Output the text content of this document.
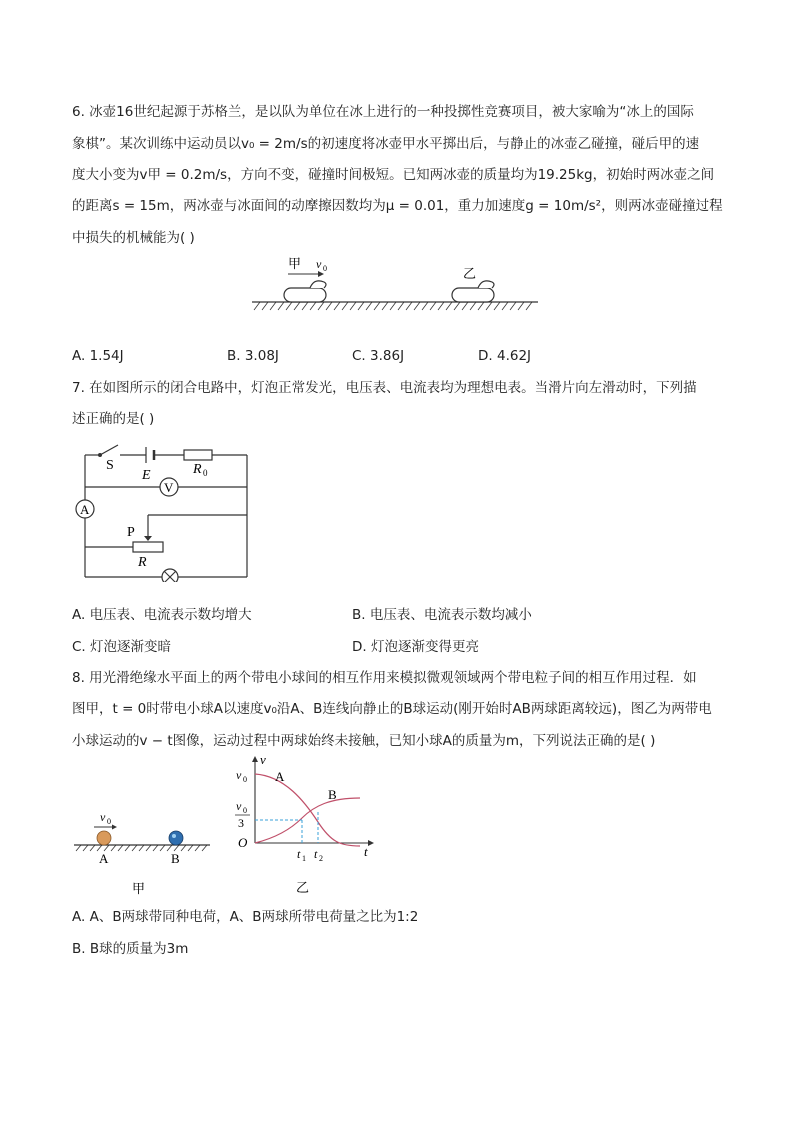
6. 冰壶16世纪起源于苏格兰，是以队为单位在冰上进行的一种投掷性竞赛项目，被大家喻为“冰上的国际
象棋”。某次训练中运动员以v₀ = 2m/s的初速度将冰壶甲水平掷出后，与静止的冰壶乙碰撞，碰后甲的速
度大小变为v甲 = 0.2m/s，方向不变，碰撞时间极短。已知两冰壶的质量均为19.25kg，初始时两冰壶之间
的距离s = 15m，两冰壶与冰面间的动摩擦因数均为μ = 0.01，重力加速度g = 10m/s²，则两冰壶碰撞过程
中损失的机械能为( )
甲 v 0	乙
A. 1.54J	B. 3.08J	C. 3.86J	D. 4.62J
7. 在如图所示的闭合电路中，灯泡正常发光，电压表、电流表均为理想电表。当滑片向左滑动时，下列描
述正确的是( )
S
E	R 0
V
A
P
R
A. 电压表、电流表示数均增大	B. 电压表、电流表示数均减小
C. 灯泡逐渐变暗	D. 灯泡逐渐变得更亮
8. 用光滑绝缘水平面上的两个带电小球间的相互作用来模拟微观领域两个带电粒子间的相互作用过程．如
图甲，t = 0时带电小球A以速度v₀沿A、B连线向静止的B球运动(刚开始时AB两球距离较远)，图乙为两带电
小球运动的v − t图像，运动过程中两球始终未接触，已知小球A的质量为m，下列说法正确的是( )
v 0
A	B
甲
v
v 0
v 0
3
O
t
t 1 t 2
A
B
乙
A. A、B两球带同种电荷，A、B两球所带电荷量之比为1:2
B. B球的质量为3m
